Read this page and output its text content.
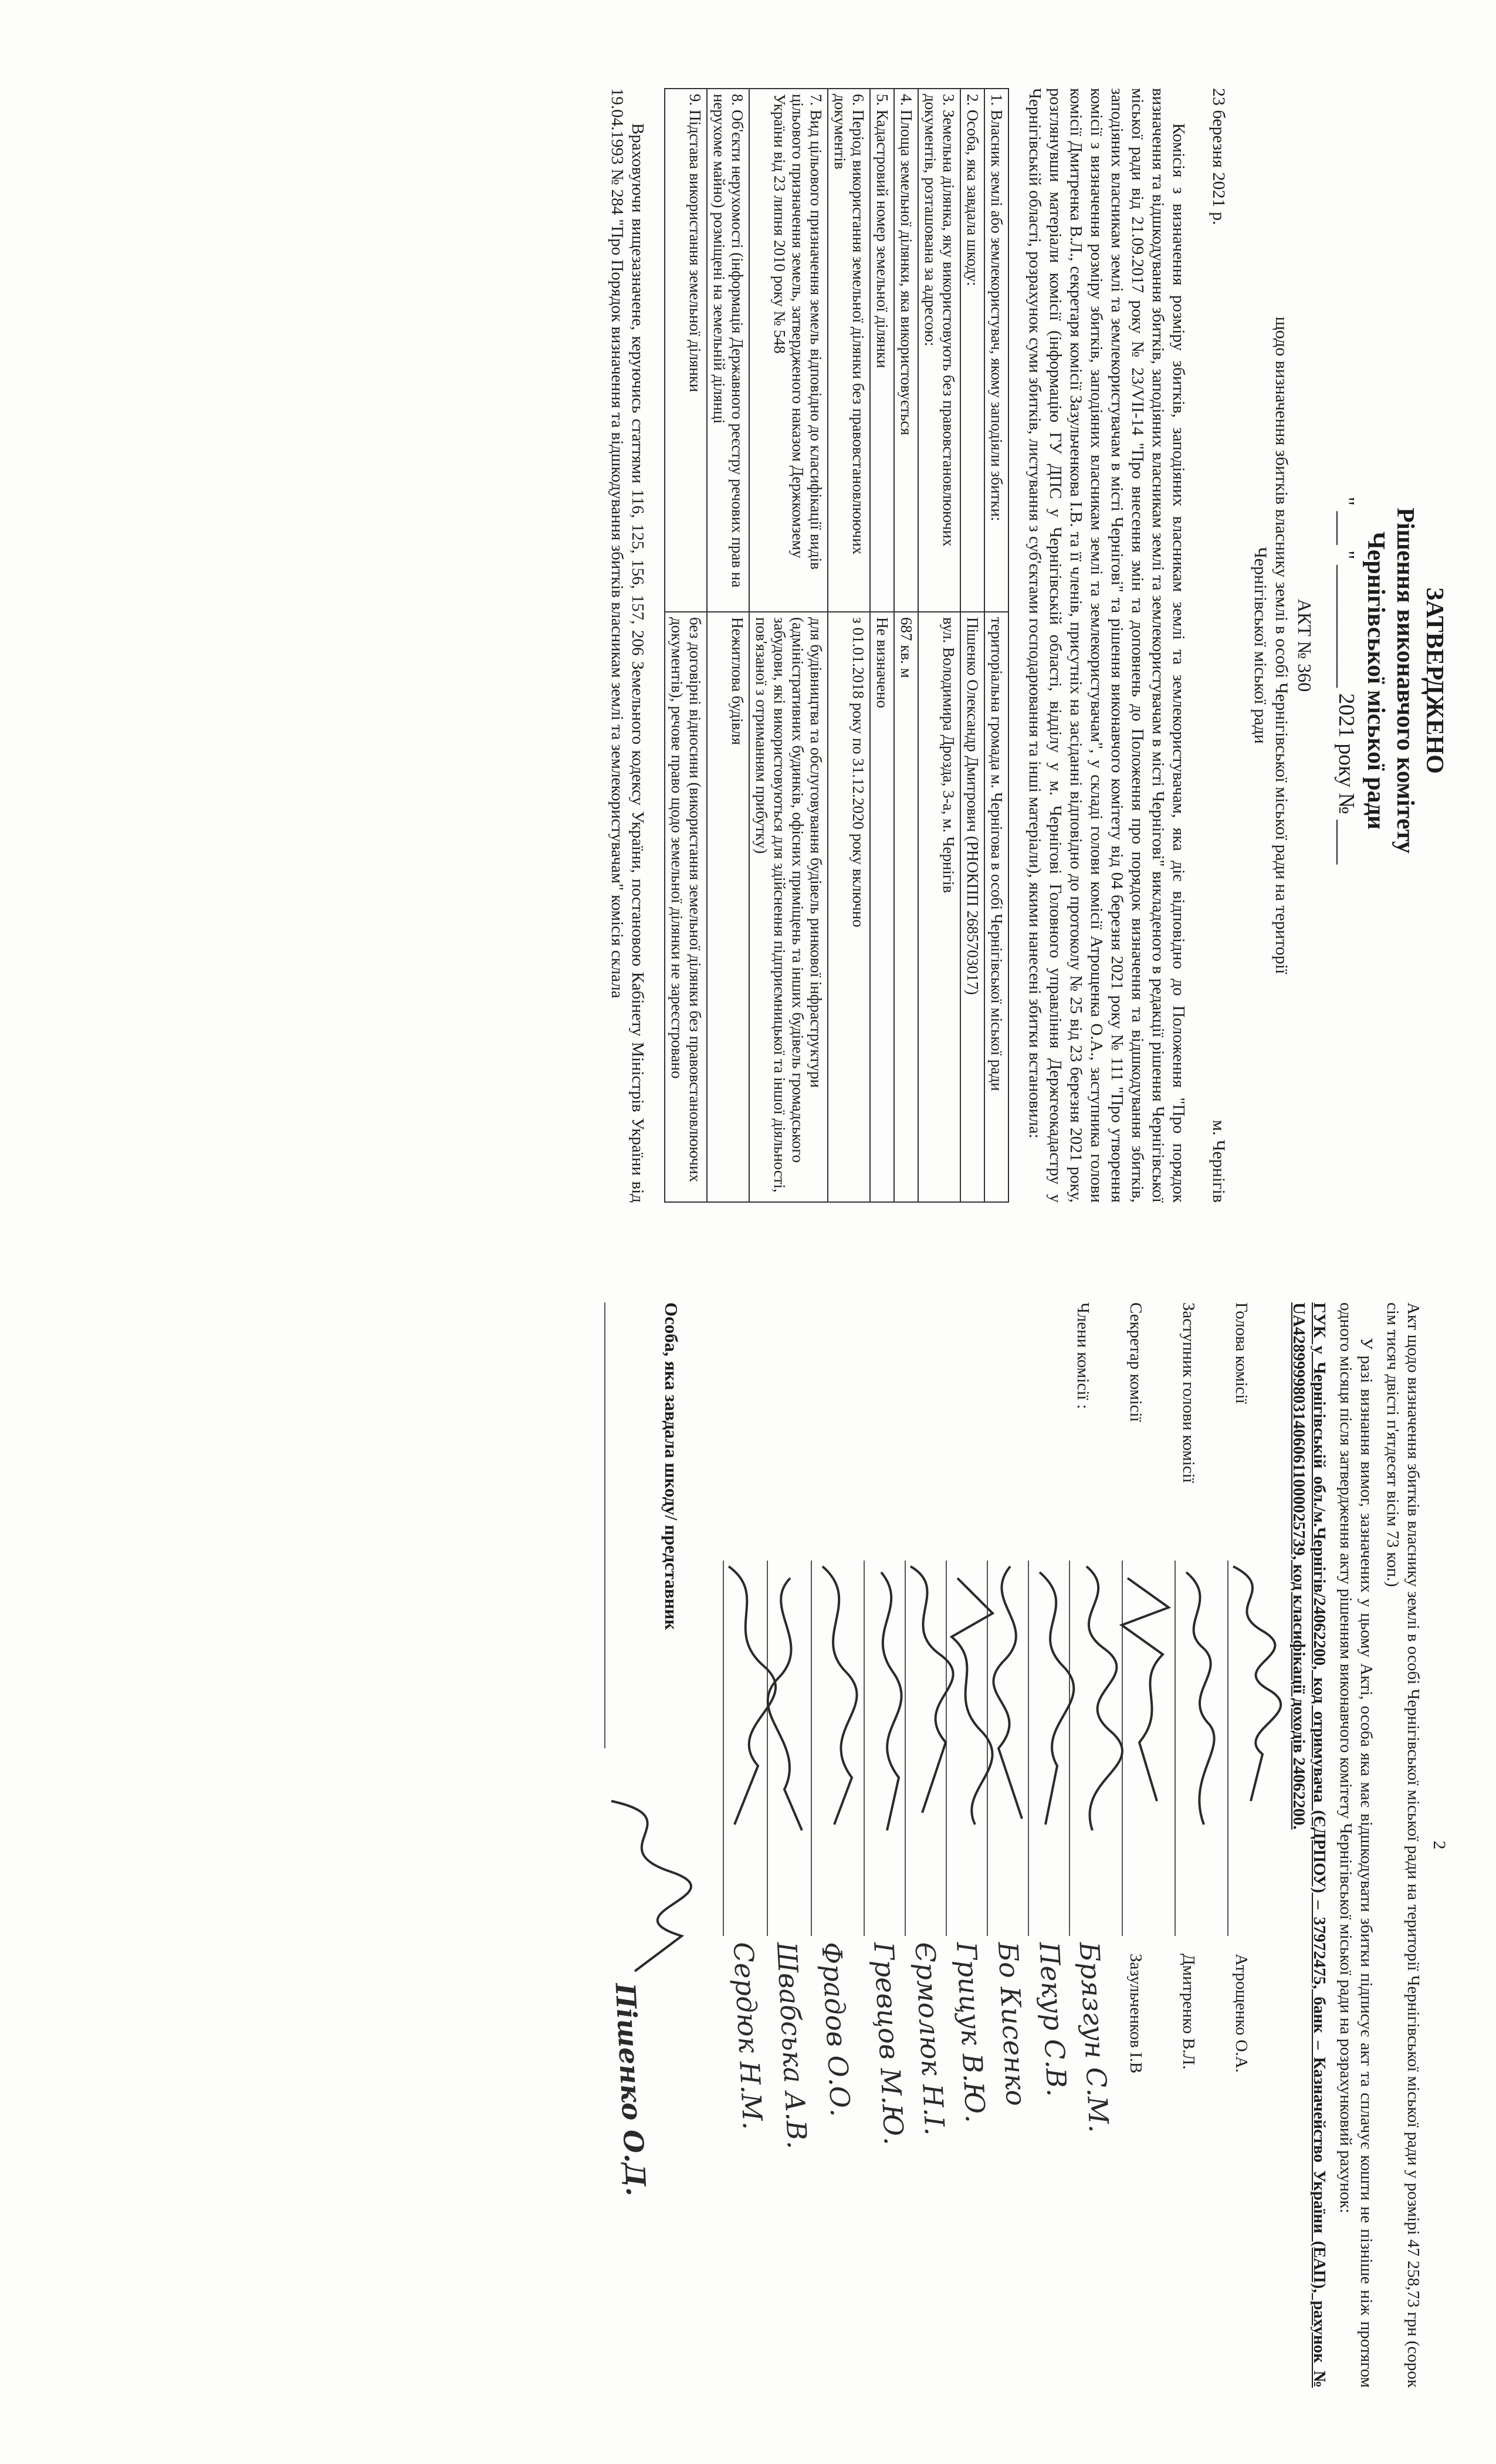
ЗАТВЕРДЖЕНО

Рішення виконавчого комітету

Чернігівської міської ради

" ___ " ___________ 2021 року № ____

АКТ № 360

щодо визначення збитків власнику землі в особі Чернігівської міської ради на території

Чернігівської міської ради

23 березня 2021 р.
м. Чернігів

Комісія з визначення розміру збитків, заподіяних власникам землі та землекористувачам, яка діє відповідно до Положення "Про порядок визначення та відшкодування збитків, заподіяних власникам землі та землекористувачам в місті Чернігові" викладеного в редакції рішення Чернігівської міської ради від 21.09.2017 року № 23/VII-14 "Про внесення змін та доповнень до Положення про порядок визначення та відшкодування збитків, заподіяних власникам землі та землекористувачам в місті Чернігові" та рішення виконавчого комітету від 04 березня 2021 року № 111 "Про утворення комісії з визначення розміру збитків, заподіяних власникам землі та землекористувачам", у складі голови комісії Атрощенка О.А., заступника голови комісії Дмитренка В.Л., секретаря комісії Зазульченкова І.В. та її членів, присутніх на засіданні відповідно до протоколу № 25 від 23 березня 2021 року, розглянувши матеріали комісії (інформацію ГУ ДПС у Чернігівській області, відділу у м. Чернігові Головного управління Держгеокадастру у Чернігівській області, розрахунок суми збитків, листування з суб'єктами господарювання та інші матеріали), якими нанесені збитки встановила:

1. Власник землі або землекористувач, якому заподіяли збитки:	територіальна громада м. Чернігова в особі Чернігівської міської ради
2. Особа, яка завдала шкоду:	Пішенко Олександр Дмитрович (РНОКПП 2685703017)
3. Земельна ділянка, яку використовують без правовстановлюючих документів, розташована за адресою:	вул. Володимира Дрозда, 3-а, м. Чернігів
4. Площа земельної ділянки, яка використовується	687 кв. м
5. Кадастровий номер земельної ділянки	Не визначено
6. Період використання земельної ділянки без правовстановлюючих документів	з 01.01.2018 року по 31.12.2020 року включно
7. Вид цільового призначення земель відповідно до класифікації видів цільового призначення земель, затвердженого наказом Держкомзему України від 23 липня 2010 року № 548	для будівництва та обслуговування будівель ринкової інфраструктури (адміністративних будинків, офісних приміщень та інших будівель громадського забудови, які використовуються для здійснення підприємницької та іншої діяльності, пов'язаної з отриманням прибутку)
8. Об'єкти нерухомості (інформація Державного реєстру речових прав на нерухоме майно) розміщені на земельній ділянці	Нежитлова будівля
9. Підстава використання земельної ділянки	без договірні відносини (використання земельної ділянки без правовстановлюючих документів), речове право щодо земельної ділянки не зареєстровано

Враховуючи вищезазначене, керуючись статтями 116, 125, 156, 157, 206 Земельного кодексу України, постановою Кабінету Міністрів України від 19.04.1993 № 284 "Про Порядок визначення та відшкодування збитків власникам землі та землекористувачам" комісія склала

2

Акт щодо визначення збитків власнику землі в особі Чернігівської міської ради на території Чернігівської міської ради у розмірі 47 258,73 грн (сорок сім тисяч двісті п'ятдесят вісім 73 коп.)

У разі визнання вимог, зазначених у цьому Акті, особа яка має відшкодувати збитки підписує акт та сплачує кошти не пізніше ніж протягом одного місяця після затвердження акту рішенням виконавчого комітету Чернігівської міської ради на розрахунковий рахунок:

ГУК у Чернігівській обл./м.Чернігів/24062200, код отримувача (ЄДРПОУ) – 37972475, банк – Казначейство України (ЕАП), рахунок № UA428999980314060611000025739, код класифікації доходів 24062200.

Голова комісії
Атрощенко О.А.
Заступник голови комісії
Дмитренко В.Л.
Секретар комісії
Зазульченков І.В
Члени комісії :
Брязгун С.М.
Пекур С.В.
Бо Кисенко
Грицук В.Ю.
Єрмолюк Н.І.
Гревцов М.Ю.
Фрадов О.О.
Швабська А.В.
Сердюк Н.М.
Особа, яка завдала шкоду/ представник
Пішенко О.Д.
